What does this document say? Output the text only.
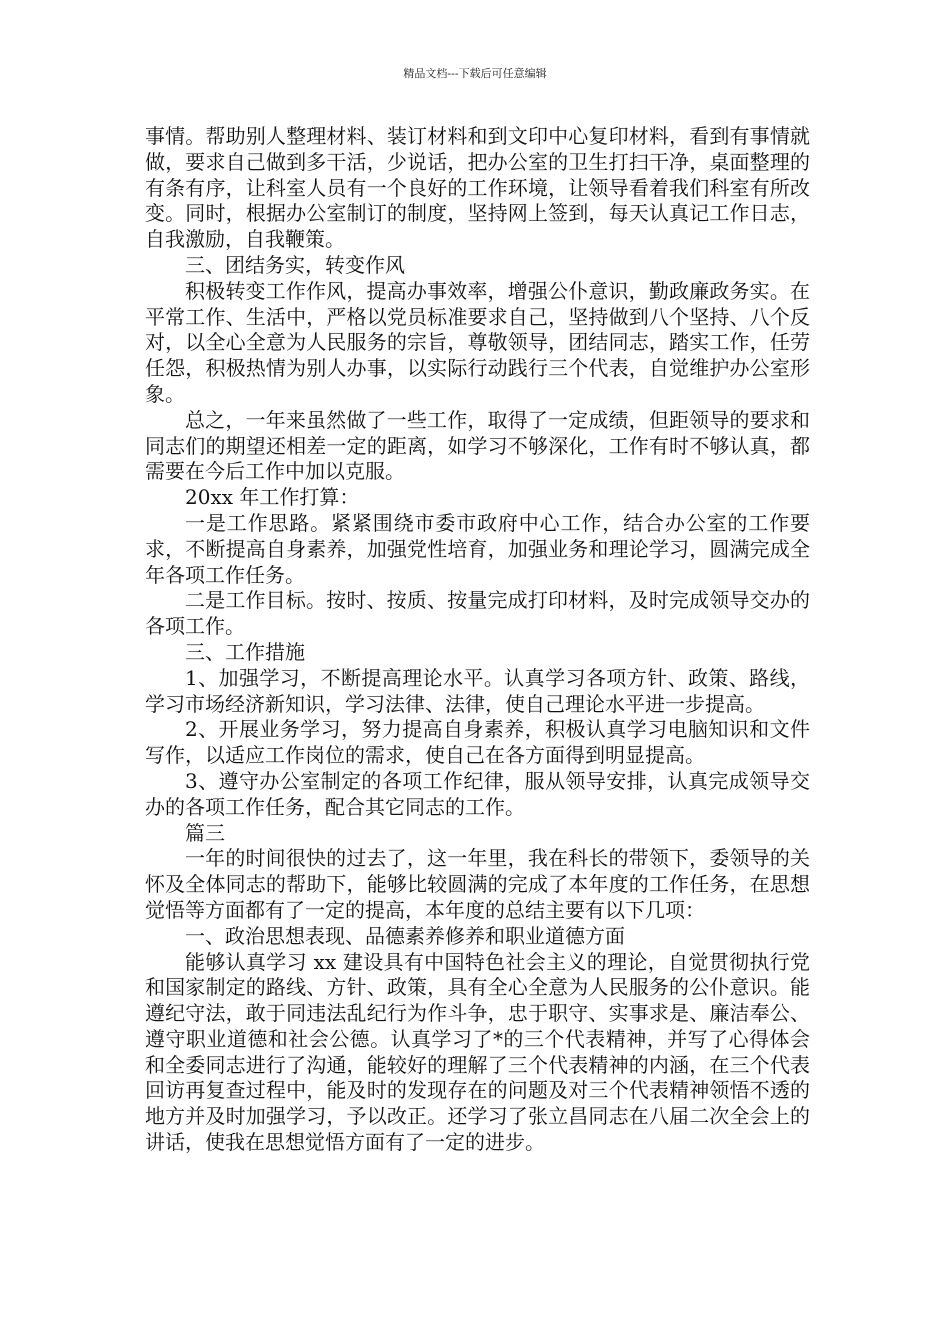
精品文档---下载后可任意编辑

事情。帮助别人整理材料、装订材料和到文印中心复印材料，看到有事情就做，要求自己做到多干活，少说话，把办公室的卫生打扫干净，桌面整理的有条有序，让科室人员有一个良好的工作环境，让领导看着我们科室有所改变。同时，根据办公室制订的制度，坚持网上签到，每天认真记工作日志，自我激励，自我鞭策。

三、团结务实，转变作风

积极转变工作作风，提高办事效率，增强公仆意识，勤政廉政务实。在平常工作、生活中，严格以党员标准要求自己，坚持做到八个坚持、八个反对，以全心全意为人民服务的宗旨，尊敬领导，团结同志，踏实工作，任劳任怨，积极热情为别人办事，以实际行动践行三个代表，自觉维护办公室形象。

总之，一年来虽然做了一些工作，取得了一定成绩，但距领导的要求和同志们的期望还相差一定的距离，如学习不够深化，工作有时不够认真，都需要在今后工作中加以克服。

20xx 年工作打算：

一是工作思路。紧紧围绕市委市政府中心工作，结合办公室的工作要求，不断提高自身素养，加强党性培育，加强业务和理论学习，圆满完成全年各项工作任务。

二是工作目标。按时、按质、按量完成打印材料，及时完成领导交办的各项工作。

三、工作措施

1、加强学习，不断提高理论水平。认真学习各项方针、政策、路线，学习市场经济新知识，学习法律、法律，使自己理论水平进一步提高。

2、开展业务学习，努力提高自身素养，积极认真学习电脑知识和文件写作，以适应工作岗位的需求，使自己在各方面得到明显提高。

3、遵守办公室制定的各项工作纪律，服从领导安排，认真完成领导交办的各项工作任务，配合其它同志的工作。

篇三

一年的时间很快的过去了，这一年里，我在科长的带领下，委领导的关怀及全体同志的帮助下，能够比较圆满的完成了本年度的工作任务，在思想觉悟等方面都有了一定的提高，本年度的总结主要有以下几项：

一、政治思想表现、品德素养修养和职业道德方面

能够认真学习 xx 建设具有中国特色社会主义的理论，自觉贯彻执行党和国家制定的路线、方针、政策，具有全心全意为人民服务的公仆意识。能遵纪守法，敢于同违法乱纪行为作斗争，忠于职守、实事求是、廉洁奉公、遵守职业道德和社会公德。认真学习了*的三个代表精神，并写了心得体会和全委同志进行了沟通，能较好的理解了三个代表精神的内涵，在三个代表回访再复查过程中，能及时的发现存在的问题及对三个代表精神领悟不透的地方并及时加强学习，予以改正。还学习了张立昌同志在八届二次全会上的讲话，使我在思想觉悟方面有了一定的进步。
